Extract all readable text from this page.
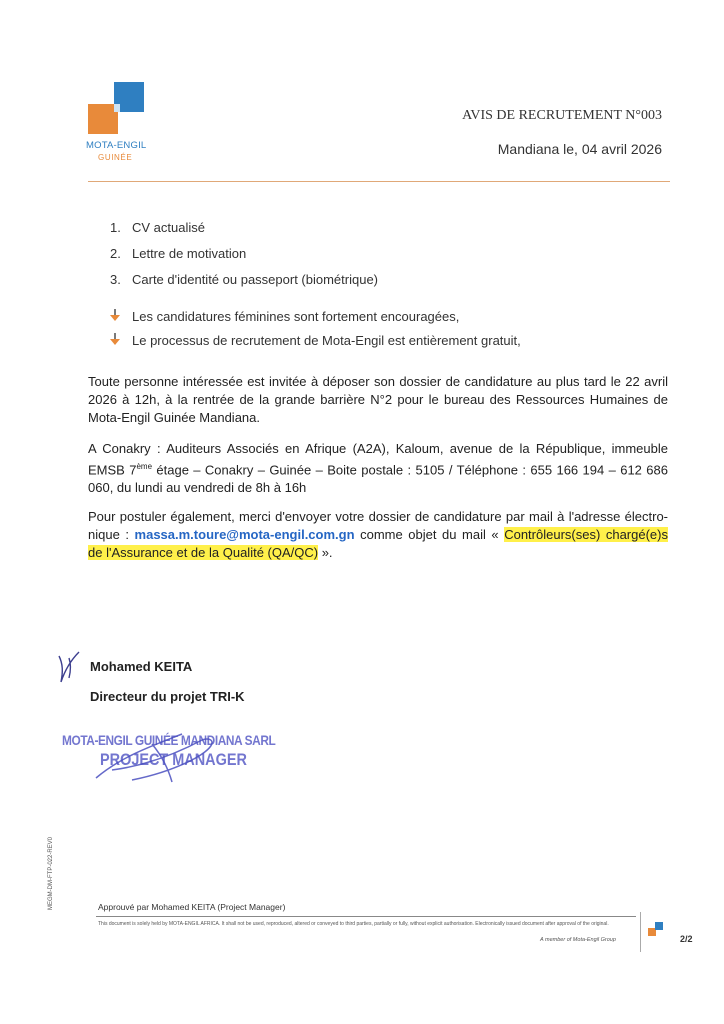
MOTA-ENGIL
GUINÉE
AVIS DE RECRUTEMENT N°003
Mandiana le, 04 avril 2026
1. CV actualisé
2. Lettre de motivation
3. Carte d'identité ou passeport (biométrique)
Les candidatures féminines sont fortement encouragées,
Le processus de recrutement de Mota-Engil est entièrement gratuit,
Toute personne intéressée est invitée à déposer son dossier de candidature au plus tard le 22 avril 2026 à 12h, à la rentrée de la grande barrière N°2 pour le bureau des Ressources Humaines de Mota-Engil Guinée Mandiana.
A Conakry : Auditeurs Associés en Afrique (A2A), Kaloum, avenue de la République, immeuble EMSB 7ème étage – Conakry – Guinée – Boite postale : 5105 / Téléphone : 655 166 194 – 612 686 060, du lundi au vendredi de 8h à 16h
Pour postuler également, merci d'envoyer votre dossier de candidature par mail à l'adresse électro-nique : massa.m.toure@mota-engil.com.gn comme objet du mail « Contrôleurs(ses) chargé(e)s de l'Assurance et de la Qualité (QA/QC) ».
Mohamed KEITA
Directeur du projet TRI-K
MOTA-ENGIL GUINÉE MANDIANA SARL
PROJECT MANAGER
MEGM-DM-FTP-022-REV0	Approuvé par Mohamed KEITA (Project Manager)
This document is solely held by MOTA-ENGIL AFRICA. It shall not be used, reproduced, altered or conveyed to third parties, partially or fully, without explicit authorisation. Electronically issued document after approval of the original.
A member of Mota-Engil Group	2/2
